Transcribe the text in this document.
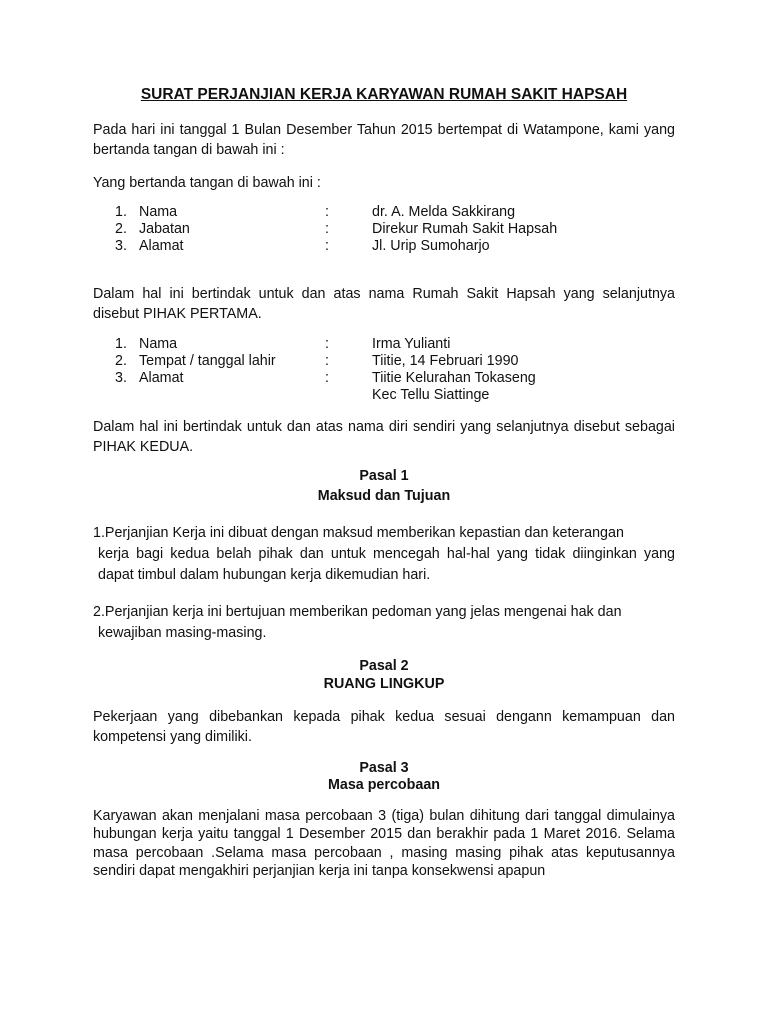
SURAT PERJANJIAN KERJA KARYAWAN RUMAH SAKIT HAPSAH

Pada hari ini tanggal 1 Bulan Desember Tahun 2015 bertempat di Watampone, kami yang bertanda tangan di bawah ini :

Yang bertanda tangan di bawah ini :

1. Nama	:	dr. A. Melda Sakkirang
2. Jabatan	:	Direkur Rumah Sakit Hapsah
3. Alamat	:	Jl. Urip Sumoharjo

Dalam hal ini bertindak untuk dan atas nama Rumah Sakit Hapsah yang selanjutnya disebut PIHAK PERTAMA.

1. Nama	:	Irma Yulianti
2. Tempat / tanggal lahir	:	Tiitie, 14 Februari 1990
3. Alamat	:	Tiitie Kelurahan Tokaseng
Kec Tellu Siattinge

Dalam hal ini bertindak untuk dan atas nama diri sendiri yang selanjutnya disebut sebagai PIHAK KEDUA.

Pasal 1

Maksud dan Tujuan

1.Perjanjian Kerja ini dibuat dengan maksud memberikan kepastian dan keterangan
kerja bagi kedua belah pihak dan untuk mencegah hal-hal yang tidak diinginkan yang dapat timbul dalam hubungan kerja dikemudian hari.
2.Perjanjian kerja ini bertujuan memberikan pedoman yang jelas mengenai hak dan
kewajiban masing-masing.

Pasal 2

RUANG LINGKUP

Pekerjaan yang dibebankan kepada pihak kedua sesuai dengann kemampuan dan kompetensi yang dimiliki.

Pasal 3

Masa percobaan

Karyawan akan menjalani masa percobaan 3 (tiga) bulan dihitung dari tanggal dimulainya hubungan kerja yaitu tanggal 1 Desember 2015 dan berakhir pada 1 Maret 2016. Selama masa percobaan .Selama masa percobaan , masing masing pihak atas keputusannya sendiri dapat mengakhiri perjanjian kerja ini tanpa konsekwensi apapun
